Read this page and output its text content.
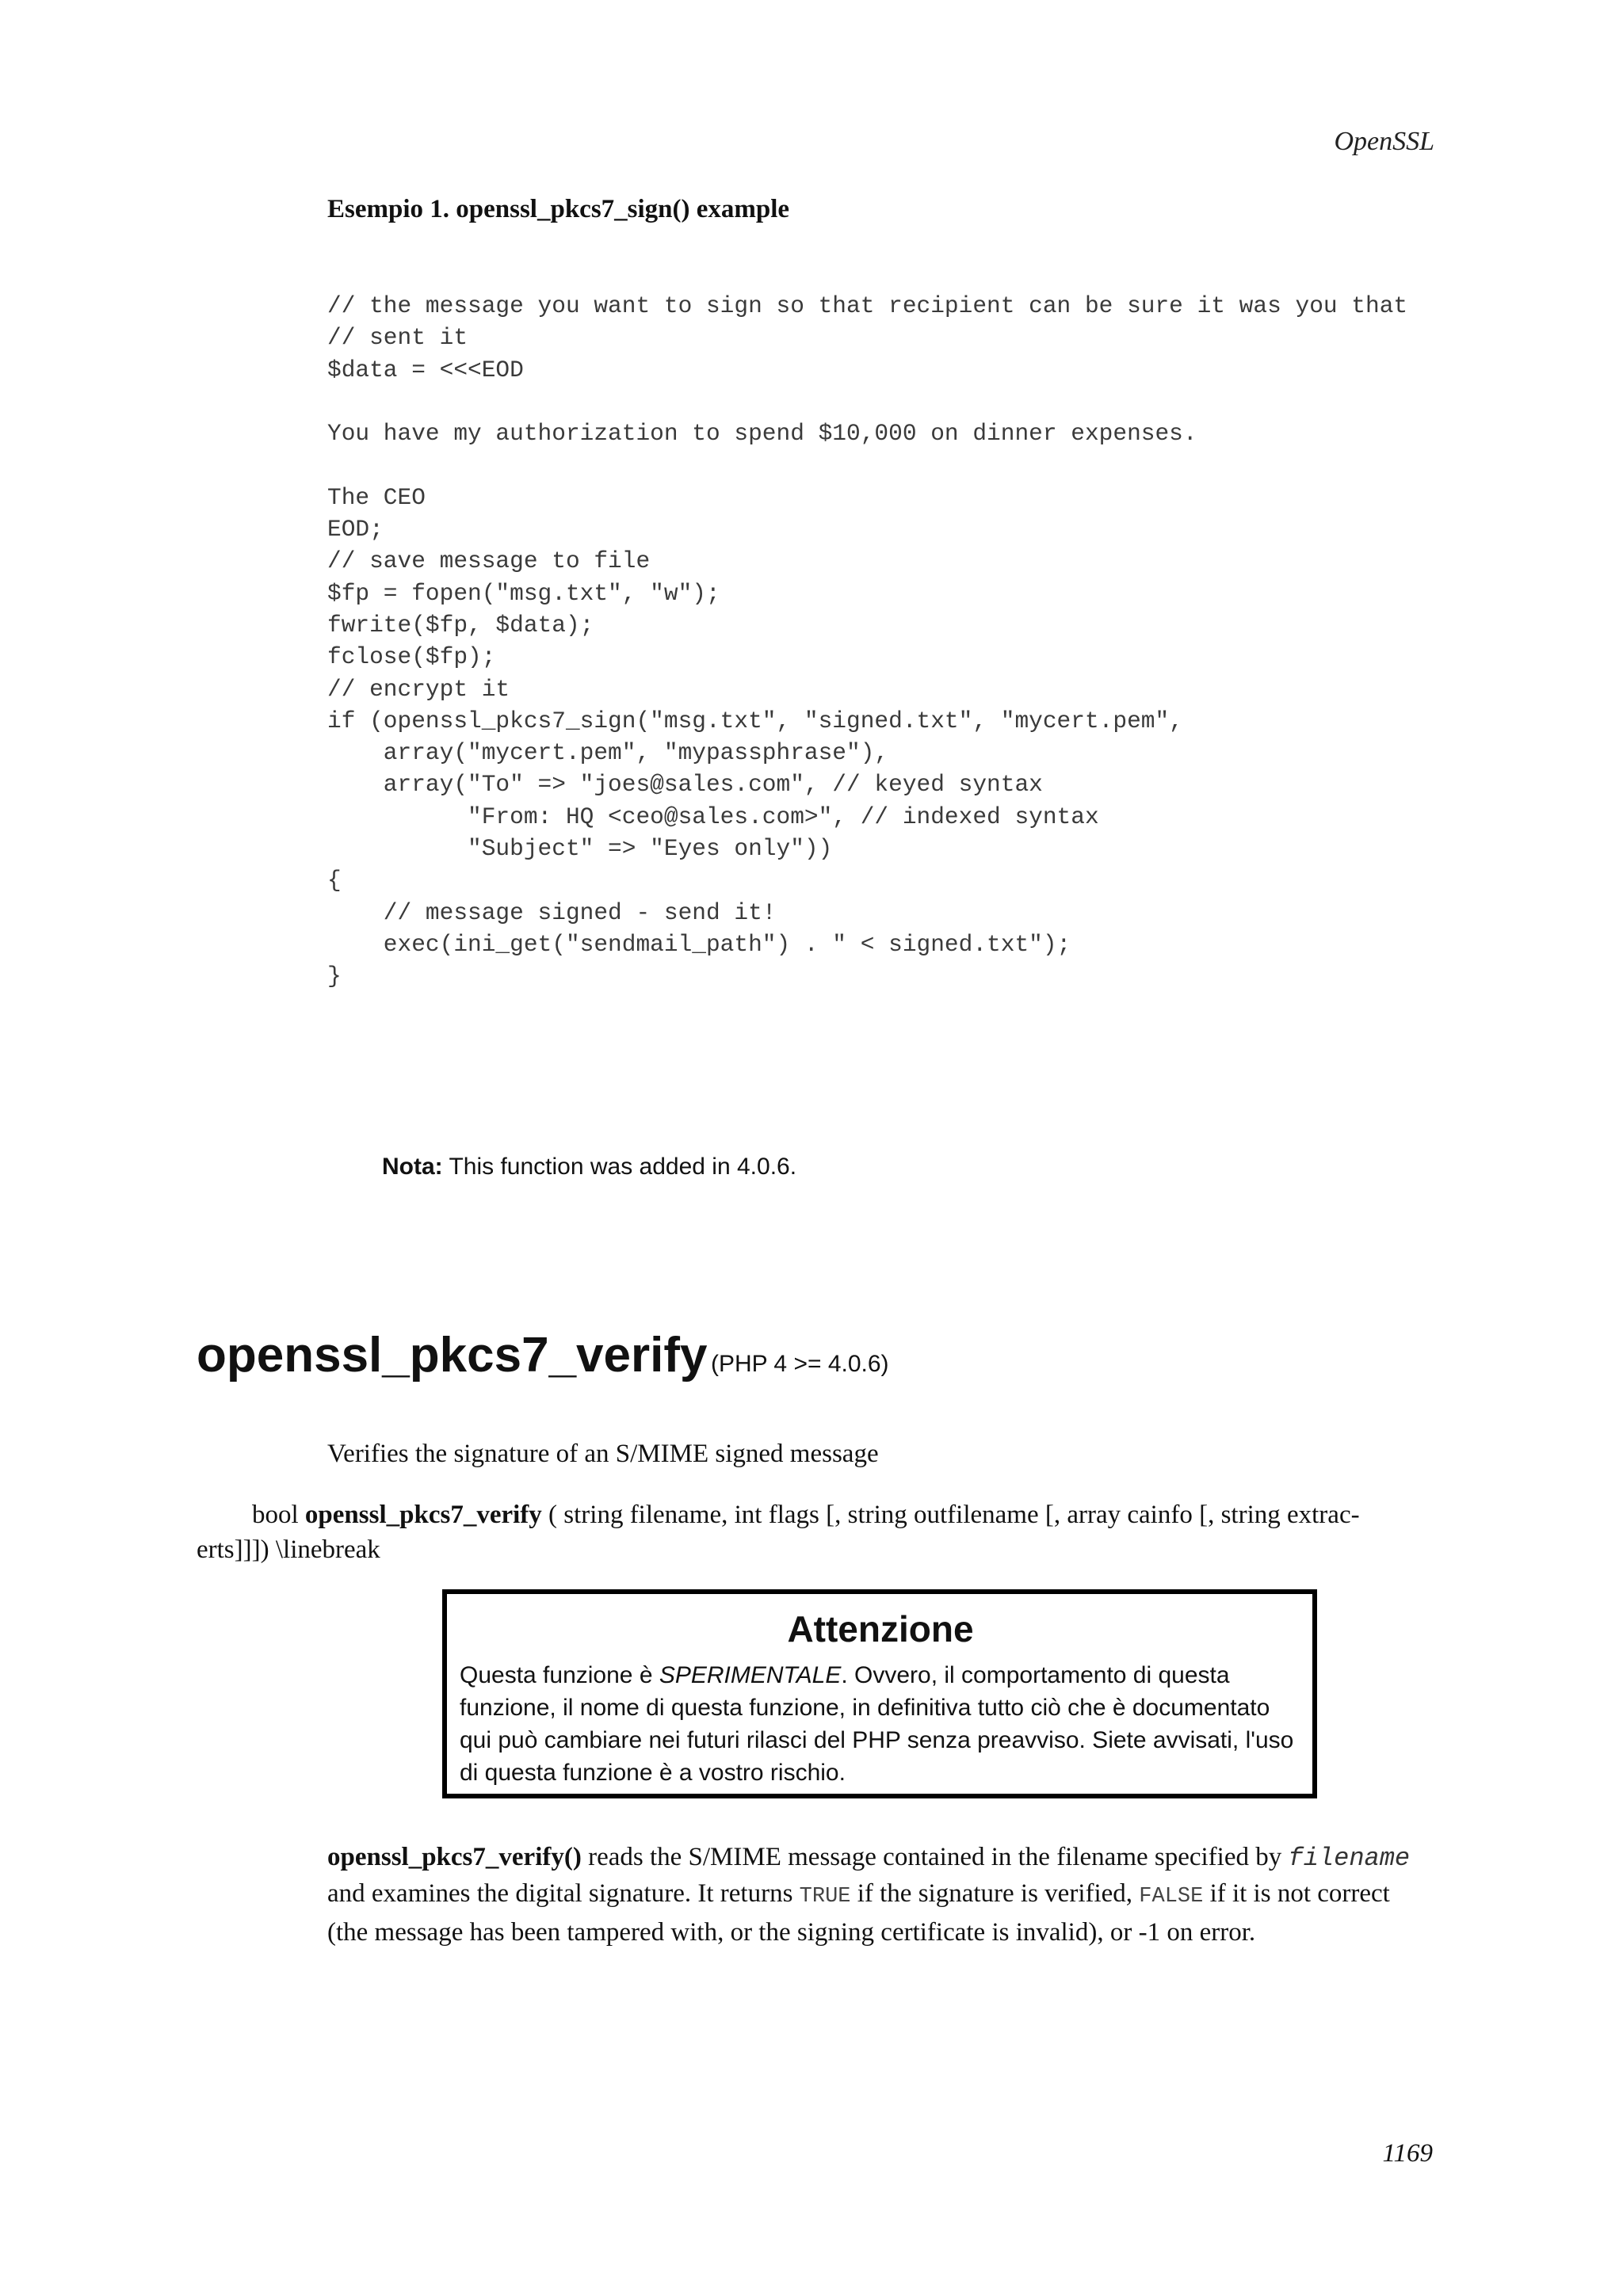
OpenSSL
Esempio 1. openssl_pkcs7_sign() example
// the message you want to sign so that recipient can be sure it was you that
// sent it
$data = <<<EOD

You have my authorization to spend $10,000 on dinner expenses.

The CEO
EOD;
// save message to file
$fp = fopen("msg.txt", "w");
fwrite($fp, $data);
fclose($fp);
// encrypt it
if (openssl_pkcs7_sign("msg.txt", "signed.txt", "mycert.pem",
array("mycert.pem", "mypassphrase"),
array("To" => "joes@sales.com", // keyed syntax
"From: HQ <ceo@sales.com>", // indexed syntax
"Subject" => "Eyes only"))
{
// message signed - send it!
exec(ini_get("sendmail_path") . " < signed.txt");
}
Nota: This function was added in 4.0.6.
openssl_pkcs7_verify (PHP 4 >= 4.0.6)
Verifies the signature of an S/MIME signed message
bool openssl_pkcs7_verify ( string filename, int flags [, string outfilename [, array cainfo [, string extrac-
erts]]]) \linebreak
Attenzione
Questa funzione è SPERIMENTALE. Ovvero, il comportamento di questa funzione, il nome di questa funzione, in definitiva tutto ciò che è documentato qui può cambiare nei futuri rilasci del PHP senza preavviso. Siete avvisati, l'uso di questa funzione è a vostro rischio.
openssl_pkcs7_verify() reads the S/MIME message contained in the filename specified by filename and examines the digital signature. It returns TRUE if the signature is verified, FALSE if it is not correct (the message has been tampered with, or the signing certificate is invalid), or -1 on error.
1169
